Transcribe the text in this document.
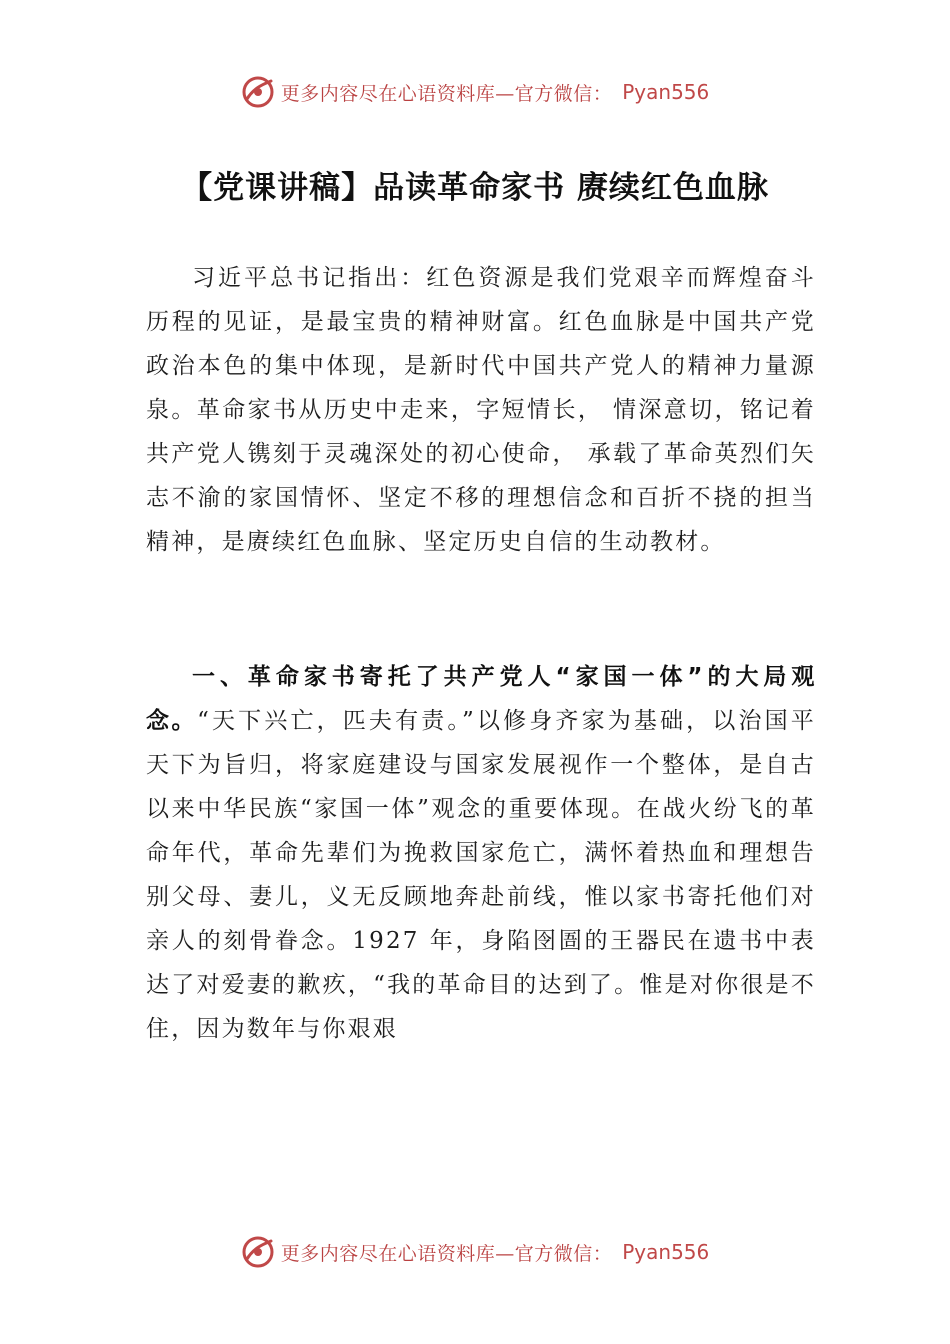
更多内容尽在心语资料库—官方微信： Pyan556
【党课讲稿】品读革命家书 赓续红色血脉
习近平总书记指出：红色资源是我们党艰辛而辉煌奋斗历程的见证，是最宝贵的精神财富。红色血脉是中国共产党政治本色的集中体现，是新时代中国共产党人的精神力量源泉。革命家书从历史中走来，字短情长， 情深意切，铭记着共产党人镌刻于灵魂深处的初心使命， 承载了革命英烈们矢志不渝的家国情怀、坚定不移的理想信念和百折不挠的担当精神，是赓续红色血脉、坚定历史自信的生动教材。
一、革命家书寄托了共产党人“家国一体”的大局观念。“天下兴亡，匹夫有责。”以修身齐家为基础，以治国平天下为旨归，将家庭建设与国家发展视作一个整体，是自古以来中华民族“家国一体”观念的重要体现。在战火纷飞的革命年代，革命先辈们为挽救国家危亡，满怀着热血和理想告别父母、妻儿，义无反顾地奔赴前线，惟以家书寄托他们对亲人的刻骨眷念。1927 年，身陷囹圄的王器民在遗书中表达了对爱妻的歉疚，“我的革命目的达到了。惟是对你很是不住，因为数年与你艰艰
更多内容尽在心语资料库—官方微信： Pyan556
